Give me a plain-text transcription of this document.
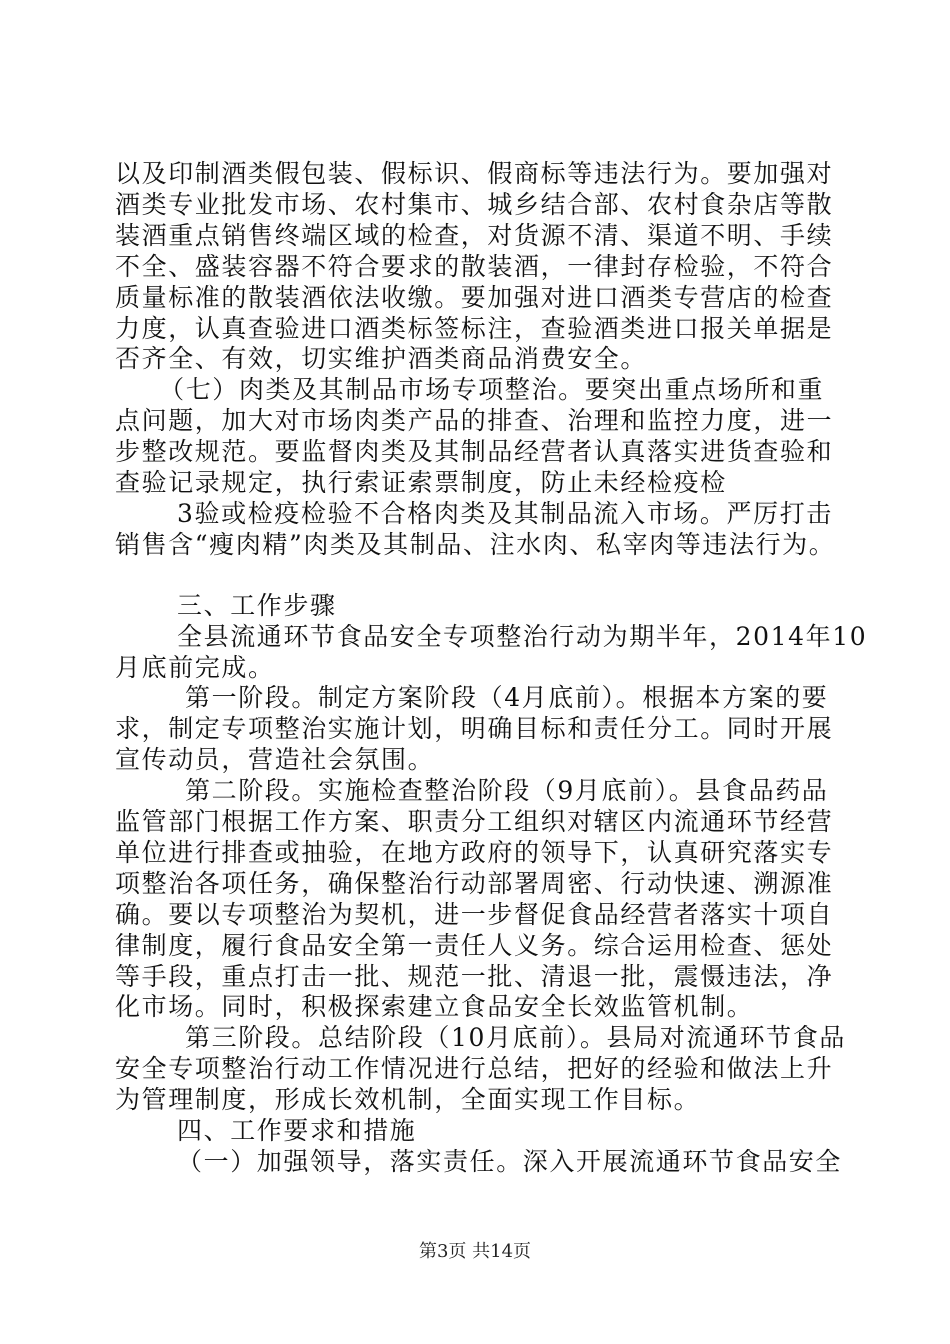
以及印制酒类假包装、假标识、假商标等违法行为。要加强对
酒类专业批发市场、农村集市、城乡结合部、农村食杂店等散
装酒重点销售终端区域的检查，对货源不清、渠道不明、手续
不全、盛装容器不符合要求的散装酒，一律封存检验，不符合
质量标准的散装酒依法收缴。要加强对进口酒类专营店的检查
力度，认真查验进口酒类标签标注，查验酒类进口报关单据是
否齐全、有效，切实维护酒类商品消费安全。
　（七）肉类及其制品市场专项整治。要突出重点场所和重
点问题，加大对市场肉类产品的排查、治理和监控力度，进一
步整改规范。要监督肉类及其制品经营者认真落实进货查验和
查验记录规定，执行索证索票制度，防止未经检疫检
3验或检疫检验不合格肉类及其制品流入市场。严厉打击
销售含“瘦肉精”肉类及其制品、注水肉、私宰肉等违法行为。
三、工作步骤
全县流通环节食品安全专项整治行动为期半年，2014年10
月底前完成。
第一阶段。制定方案阶段（4月底前）。根据本方案的要
求，制定专项整治实施计划，明确目标和责任分工。同时开展
宣传动员，营造社会氛围。
第二阶段。实施检查整治阶段（9月底前）。县食品药品
监管部门根据工作方案、职责分工组织对辖区内流通环节经营
单位进行排查或抽验，在地方政府的领导下，认真研究落实专
项整治各项任务，确保整治行动部署周密、行动快速、溯源准
确。要以专项整治为契机，进一步督促食品经营者落实十项自
律制度，履行食品安全第一责任人义务。综合运用检查、惩处
等手段，重点打击一批、规范一批、清退一批，震慑违法，净
化市场。同时，积极探索建立食品安全长效监管机制。
第三阶段。总结阶段（10月底前）。县局对流通环节食品
安全专项整治行动工作情况进行总结，把好的经验和做法上升
为管理制度，形成长效机制，全面实现工作目标。
四、工作要求和措施
（一）加强领导，落实责任。深入开展流通环节食品安全
第3页 共14页
